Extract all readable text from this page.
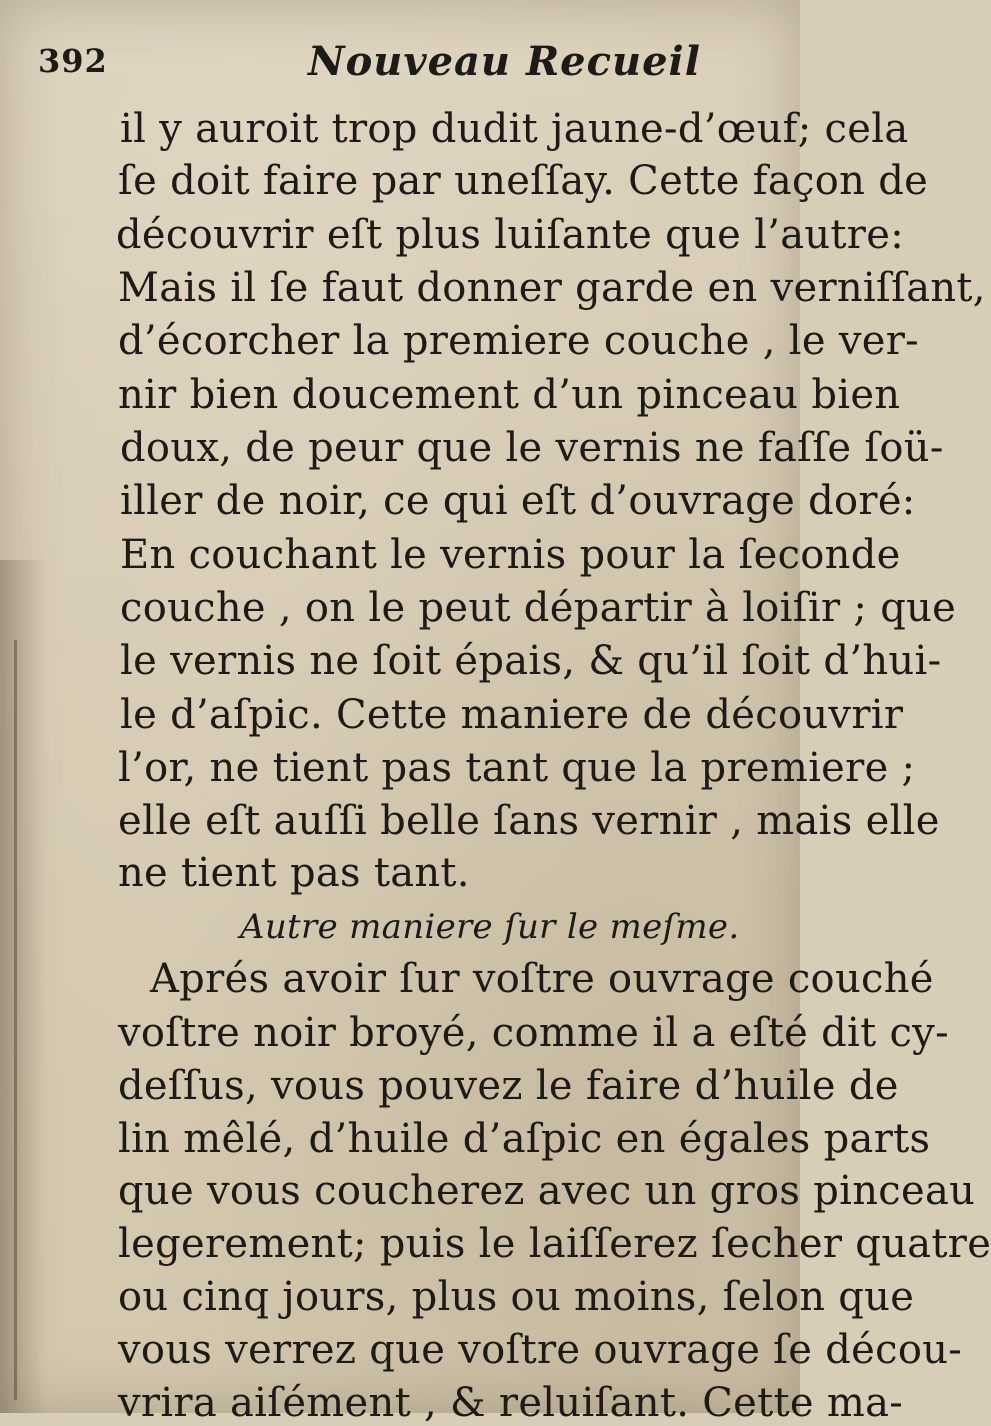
392	Nouveau Recueil
il y auroit trop dudit jaune-d’œuf; cela
ſe doit faire par uneſſay. Cette façon de
découvrir eſt plus luiſante que l’autre:
Mais il ſe faut donner garde en verniſſant,
d’écorcher la premiere couche , le ver-
nir bien doucement d’un pinceau bien
doux, de peur que le vernis ne faſſe ſoü-
iller de noir, ce qui eſt d’ouvrage doré:
En couchant le vernis pour la ſeconde
couche , on le peut départir à loiſir ; que
le vernis ne ſoit épais, & qu’il ſoit d’hui-
le d’aſpic. Cette maniere de découvrir
l’or, ne tient pas tant que la premiere ;
elle eſt auſſi belle ſans vernir , mais elle
ne tient pas tant.
Autre maniere ſur le meſme.
Aprés avoir ſur voſtre ouvrage couché
voſtre noir broyé, comme il a eſté dit cy-
deſſus, vous pouvez le faire d’huile de
lin mêlé, d’huile d’aſpic en égales parts
que vous coucherez avec un gros pinceau
legerement; puis le laiſſerez ſecher quatre
ou cinq jours, plus ou moins, ſelon que
vous verrez que voſtre ouvrage ſe décou-
vrira aiſément , & reluiſant. Cette ma-
